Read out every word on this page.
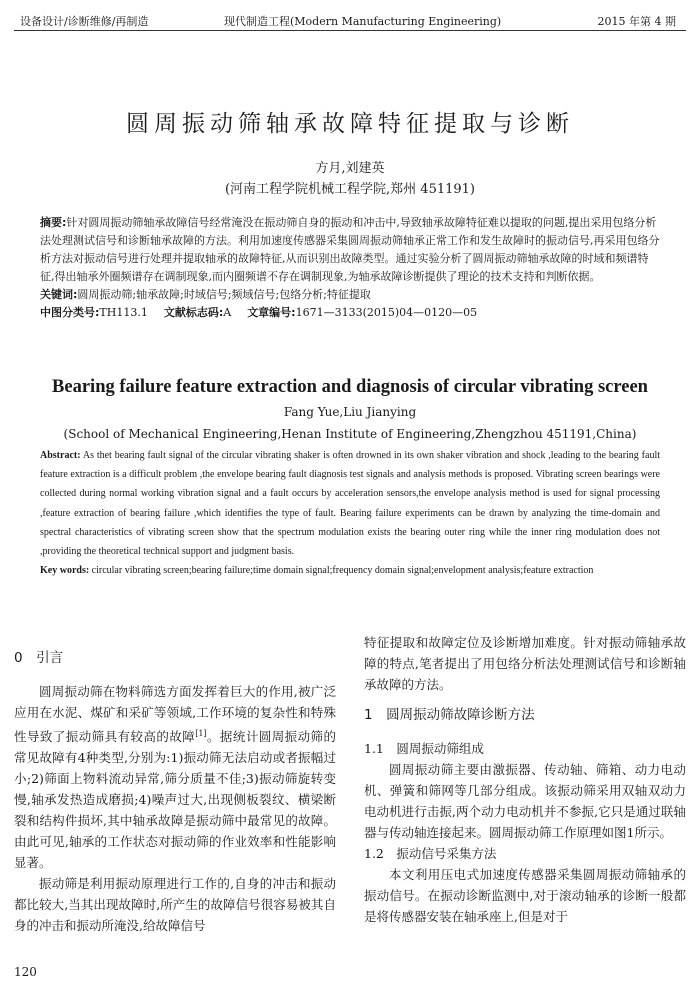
设备设计/诊断维修/再制造	现代制造工程(Modern Manufacturing Engineering)	2015 年第 4 期
圆周振动筛轴承故障特征提取与诊断
方月,刘建英
(河南工程学院机械工程学院,郑州 451191)
摘要:针对圆周振动筛轴承故障信号经常淹没在振动筛自身的振动和冲击中,导致轴承故障特征难以提取的问题,提出采用包络分析法处理测试信号和诊断轴承故障的方法。利用加速度传感器采集圆周振动筛轴承正常工作和发生故障时的振动信号,再采用包络分析方法对振动信号进行处理并提取轴承的故障特征,从而识别出故障类型。通过实验分析了圆周振动筛轴承故障的时域和频谱特征,得出轴承外圈频谱存在调制现象,而内圈频谱不存在调制现象,为轴承故障诊断提供了理论的技术支持和判断依据。
关键词:圆周振动筛;轴承故障;时域信号;频域信号;包络分析;特征提取
中图分类号:TH113.1 文献标志码:A 文章编号:1671—3133(2015)04—0120—05
Bearing failure feature extraction and diagnosis of circular vibrating screen
Fang Yue,Liu Jianying
(School of Mechanical Engineering,Henan Institute of Engineering,Zhengzhou 451191,China)
Abstract: As thet bearing fault signal of the circular vibrating shaker is often drowned in its own shaker vibration and shock ,leading to the bearing fault feature extraction is a difficult problem ,the envelope bearing fault diagnosis test signals and analysis methods is proposed. Vibrating screen bearings were collected during normal working vibration signal and a fault occurs by acceleration sensors,the envelope analysis method is used for signal processing ,feature extraction of bearing failure ,which identifies the type of fault. Bearing failure experiments can be drawn by analyzing the time-domain and spectral characteristics of vibrating screen show that the spectrum modulation exists the bearing outer ring while the inner ring modulation does not ,providing the theoretical technical support and judgment basis.
Key words: circular vibrating screen;bearing failure;time domain signal;frequency domain signal;envelopment analysis;feature extraction
0　引言

圆周振动筛在物料筛选方面发挥着巨大的作用,被广泛应用在水泥、煤矿和采矿等领域,工作环境的复杂性和特殊性导致了振动筛具有较高的故障[1]。据统计圆周振动筛的常见故障有4种类型,分别为:1)振动筛无法启动或者振幅过小;2)筛面上物料流动异常,筛分质量不佳;3)振动筛旋转变慢,轴承发热造成磨损;4)噪声过大,出现侧板裂纹、横梁断裂和结构件损坏,其中轴承故障是振动筛中最常见的故障。由此可见,轴承的工作状态对振动筛的作业效率和性能影响显著。

振动筛是利用振动原理进行工作的,自身的冲击和振动都比较大,当其出现故障时,所产生的故障信号很容易被其自身的冲击和振动所淹没,给故障信号

特征提取和故障定位及诊断增加难度。针对振动筛轴承故障的特点,笔者提出了用包络分析法处理测试信号和诊断轴承故障的方法。

1　圆周振动筛故障诊断方法
1.1　圆周振动筛组成

圆周振动筛主要由激振器、传动轴、筛箱、动力电动机、弹簧和筛网等几部分组成。该振动筛采用双轴双动力电动机进行击振,两个动力电动机并不参振,它只是通过联轴器与传动轴连接起来。圆周振动筛工作原理如图1所示。

1.2　振动信号采集方法

本文利用压电式加速度传感器采集圆周振动筛轴承的振动信号。在振动诊断监测中,对于滚动轴承的诊断一般都是将传感器安装在轴承座上,但是对于

120
